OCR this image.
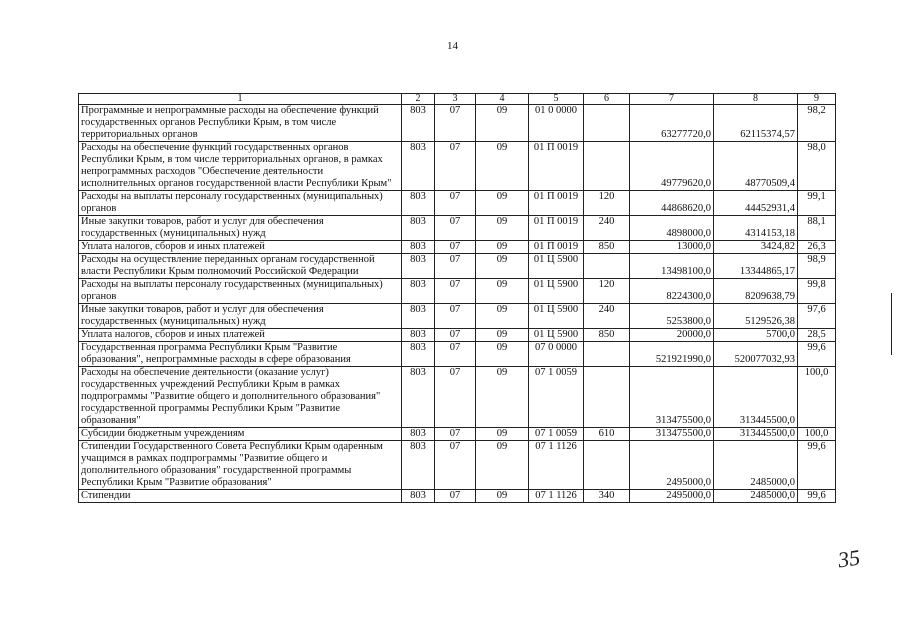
14
1	2	3	4	5	6	7	8	9
Программные и непрограммные расходы на обеспечение функций государственных органов Республики Крым, в том числе территориальных органов	803	07	09	01 0 0000		63277720,0	62115374,57	98,2
Расходы на обеспечение функций государственных органов Республики Крым, в том числе территориальных органов, в рамках непрограммных расходов "Обеспечение деятельности исполнительных органов государственной власти Республики Крым"	803	07	09	01 П 0019		49779620,0	48770509,4	98,0
Расходы на выплаты персоналу государственных (муниципальных) органов	803	07	09	01 П 0019	120	44868620,0	44452931,4	99,1
Иные закупки товаров, работ и услуг для обеспечения государственных (муниципальных) нужд	803	07	09	01 П 0019	240	4898000,0	4314153,18	88,1
Уплата налогов, сборов и иных платежей	803	07	09	01 П 0019	850	13000,0	3424,82	26,3
Расходы на осуществление переданных органам государственной власти Республики Крым полномочий Российской Федерации	803	07	09	01 Ц 5900		13498100,0	13344865,17	98,9
Расходы на выплаты персоналу государственных (муниципальных) органов	803	07	09	01 Ц 5900	120	8224300,0	8209638,79	99,8
Иные закупки товаров, работ и услуг для обеспечения государственных (муниципальных) нужд	803	07	09	01 Ц 5900	240	5253800,0	5129526,38	97,6
Уплата налогов, сборов и иных платежей	803	07	09	01 Ц 5900	850	20000,0	5700,0	28,5
Государственная программа Республики Крым "Развитие образования", непрограммные расходы в сфере образования	803	07	09	07 0 0000		521921990,0	520077032,93	99,6
Расходы на обеспечение деятельности (оказание услуг) государственных учреждений Республики Крым в рамках подпрограммы "Развитие общего и дополнительного образования" государственной программы Республики Крым "Развитие образования"	803	07	09	07 1 0059		313475500,0	313445500,0	100,0
Субсидии бюджетным учреждениям	803	07	09	07 1 0059	610	313475500,0	313445500,0	100,0
Стипендии Государственного Совета Республики Крым одаренным учащимся в рамках подпрограммы "Развитие общего и дополнительного образования" государственной программы Республики Крым "Развитие образования"	803	07	09	07 1 1126		2495000,0	2485000,0	99,6
Стипендии	803	07	09	07 1 1126	340	2495000,0	2485000,0	99,6
35
